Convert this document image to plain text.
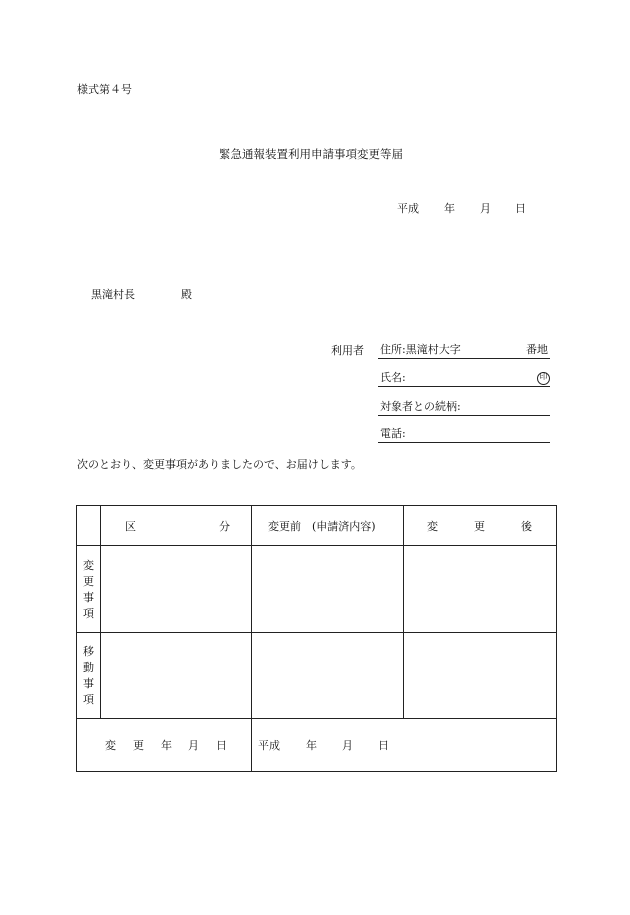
様式第４号
緊急通報装置利用申請事項変更等届
平成 年 月 日
黒滝村長	殿
利用者 住所:黒滝村大字	番地
氏名:	印
対象者との続柄:
電話:
次のとおり、変更事項がありましたので、お届けします。

	区 分	変更前　(申請済内容)	変 更 後

変
更
事
項			

移
動
事
項			

変 更 年 月 日		平成 年 月 日	
